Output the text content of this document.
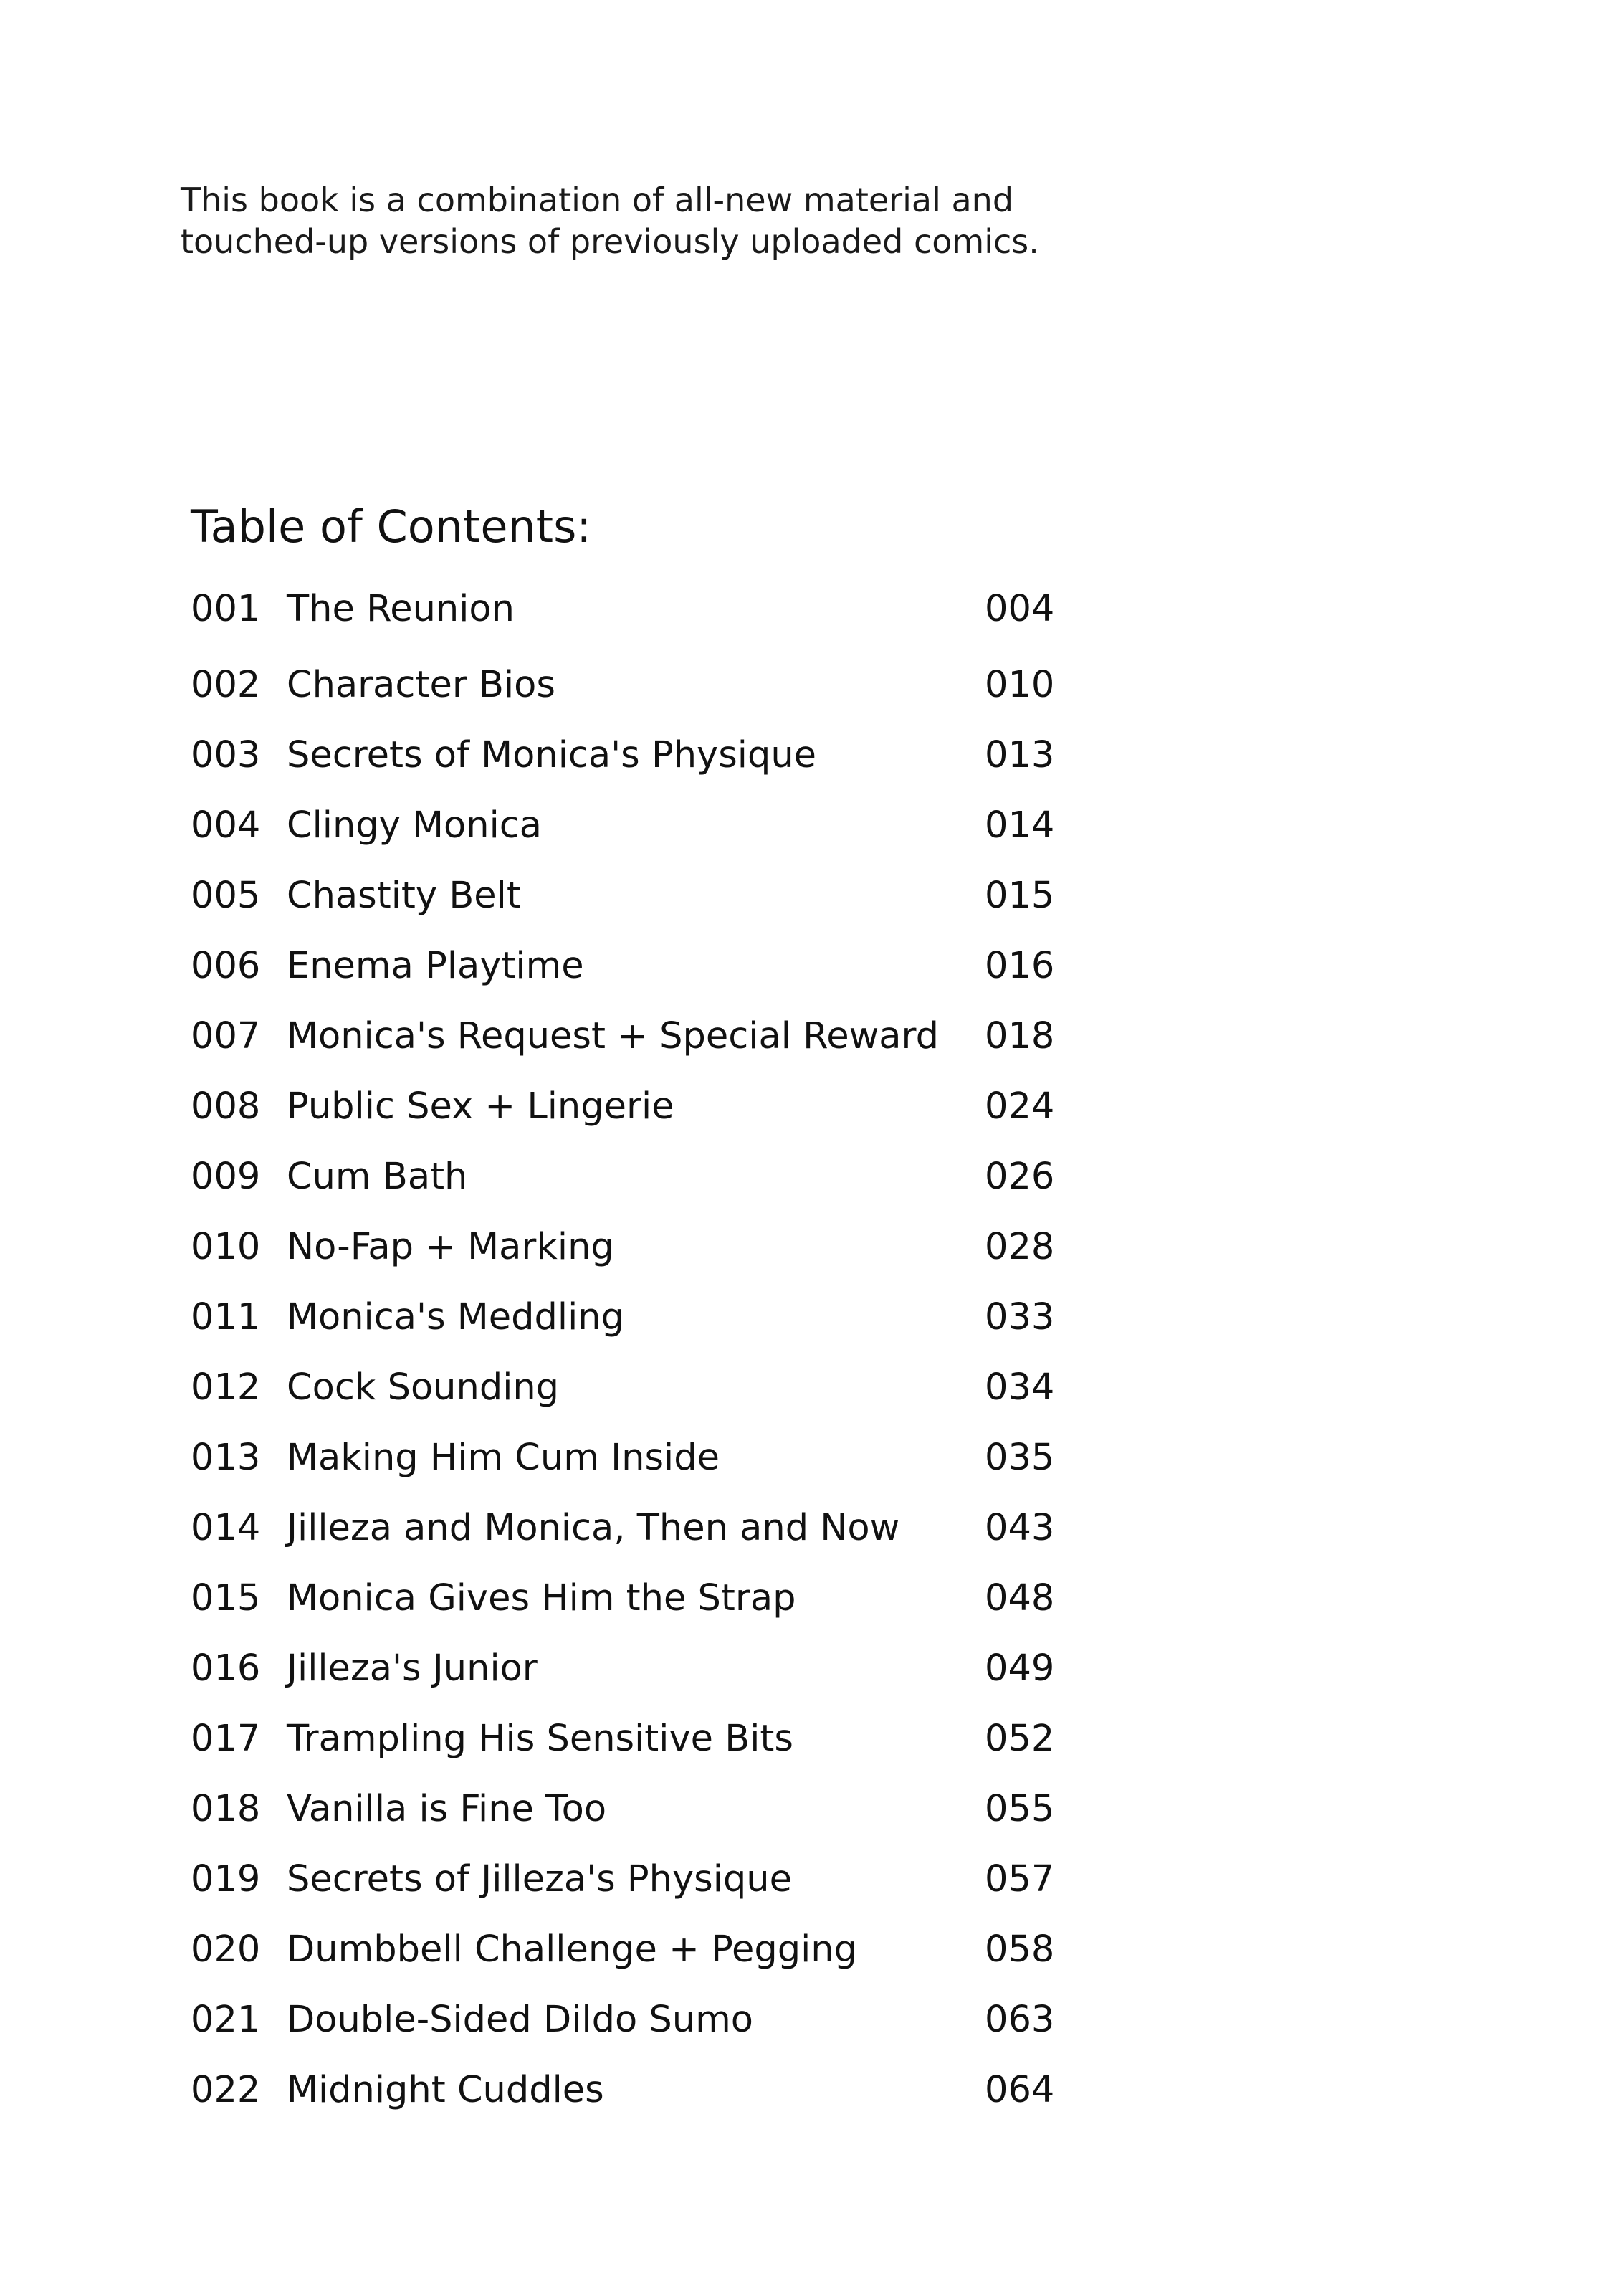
This book is a combination of all-new material and
touched-up versions of previously uploaded comics.
Table of Contents:
001 The Reunion	004
002 Character Bios	010
003 Secrets of Monica's Physique	013
004 Clingy Monica	014
005 Chastity Belt	015
006 Enema Playtime	016
007 Monica's Request + Special Reward 018
008 Public Sex + Lingerie	024
009 Cum Bath	026
010 No-Fap + Marking	028
011 Monica's Meddling	033
012 Cock Sounding	034
013 Making Him Cum Inside	035
014 Jilleza and Monica, Then and Now 043
015 Monica Gives Him the Strap	048
016 Jilleza's Junior	049
017 Trampling His Sensitive Bits	052
018 Vanilla is Fine Too	055
019 Secrets of Jilleza's Physique	057
020 Dumbbell Challenge + Pegging	058
021 Double-Sided Dildo Sumo	063
022 Midnight Cuddles	064
